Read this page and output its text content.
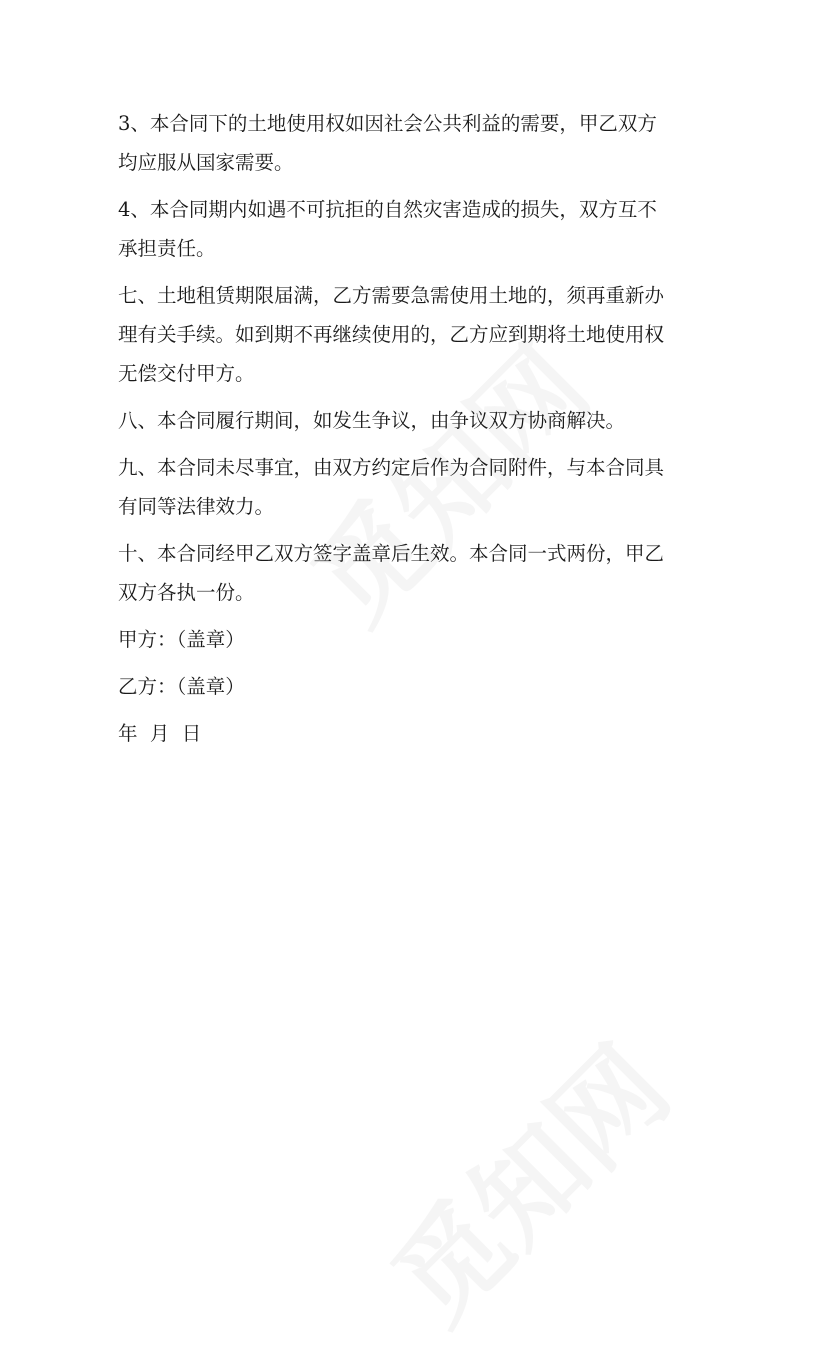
3、本合同下的土地使用权如因社会公共利益的需要，甲乙双方
均应服从国家需要。
4、本合同期内如遇不可抗拒的自然灾害造成的损失，双方互不
承担责任。
七、土地租赁期限届满，乙方需要急需使用土地的，须再重新办
理有关手续。如到期不再继续使用的，乙方应到期将土地使用权
无偿交付甲方。
八、本合同履行期间，如发生争议，由争议双方协商解决。
九、本合同未尽事宜，由双方约定后作为合同附件，与本合同具
有同等法律效力。
十、本合同经甲乙双方签字盖章后生效。本合同一式两份，甲乙
双方各执一份。
甲方：（盖章）
乙方：（盖章）
年  月  日
